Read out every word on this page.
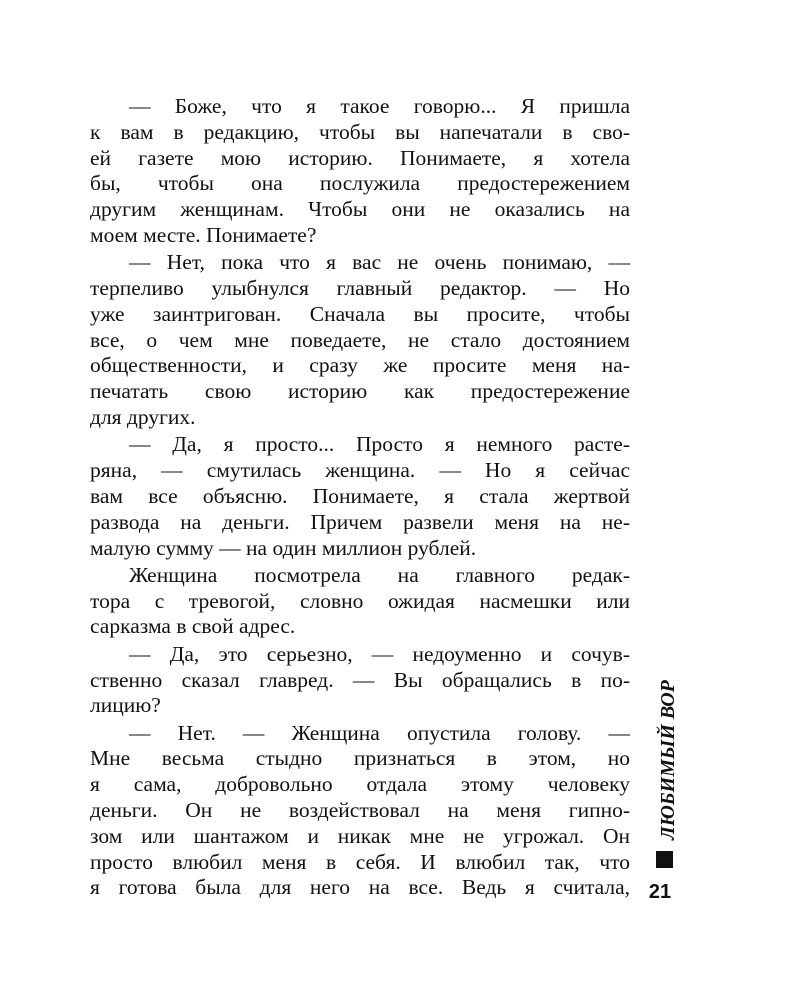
— Боже, что я такое говорю... Я пришла
к вам в редакцию, чтобы вы напечатали в сво-
ей газете мою историю. Понимаете, я хотела
бы, чтобы она послужила предостережением
другим женщинам. Чтобы они не оказались на
моем месте. Понимаете?
— Нет, пока что я вас не очень понимаю, —
терпеливо улыбнулся главный редактор. — Но
уже заинтригован. Сначала вы просите, чтобы
все, о чем мне поведаете, не стало достоянием
общественности, и сразу же просите меня на-
печатать свою историю как предостережение
для других.
— Да, я просто... Просто я немного расте-
ряна, — смутилась женщина. — Но я сейчас
вам все объясню. Понимаете, я стала жертвой
развода на деньги. Причем развели меня на не-
малую сумму — на один миллион рублей.
Женщина посмотрела на главного редак-
тора с тревогой, словно ожидая насмешки или
сарказма в свой адрес.
— Да, это серьезно, — недоуменно и сочув-
ственно сказал главред. — Вы обращались в по-
лицию?
— Нет. — Женщина опустила голову. —
Мне весьма стыдно признаться в этом, но
я сама, добровольно отдала этому человеку
деньги. Он не воздействовал на меня гипно-
зом или шантажом и никак мне не угрожал. Он
просто влюбил меня в себя. И влюбил так, что
я готова была для него на все. Ведь я считала,
ЛЮБИМЫЙ ВОР
21
